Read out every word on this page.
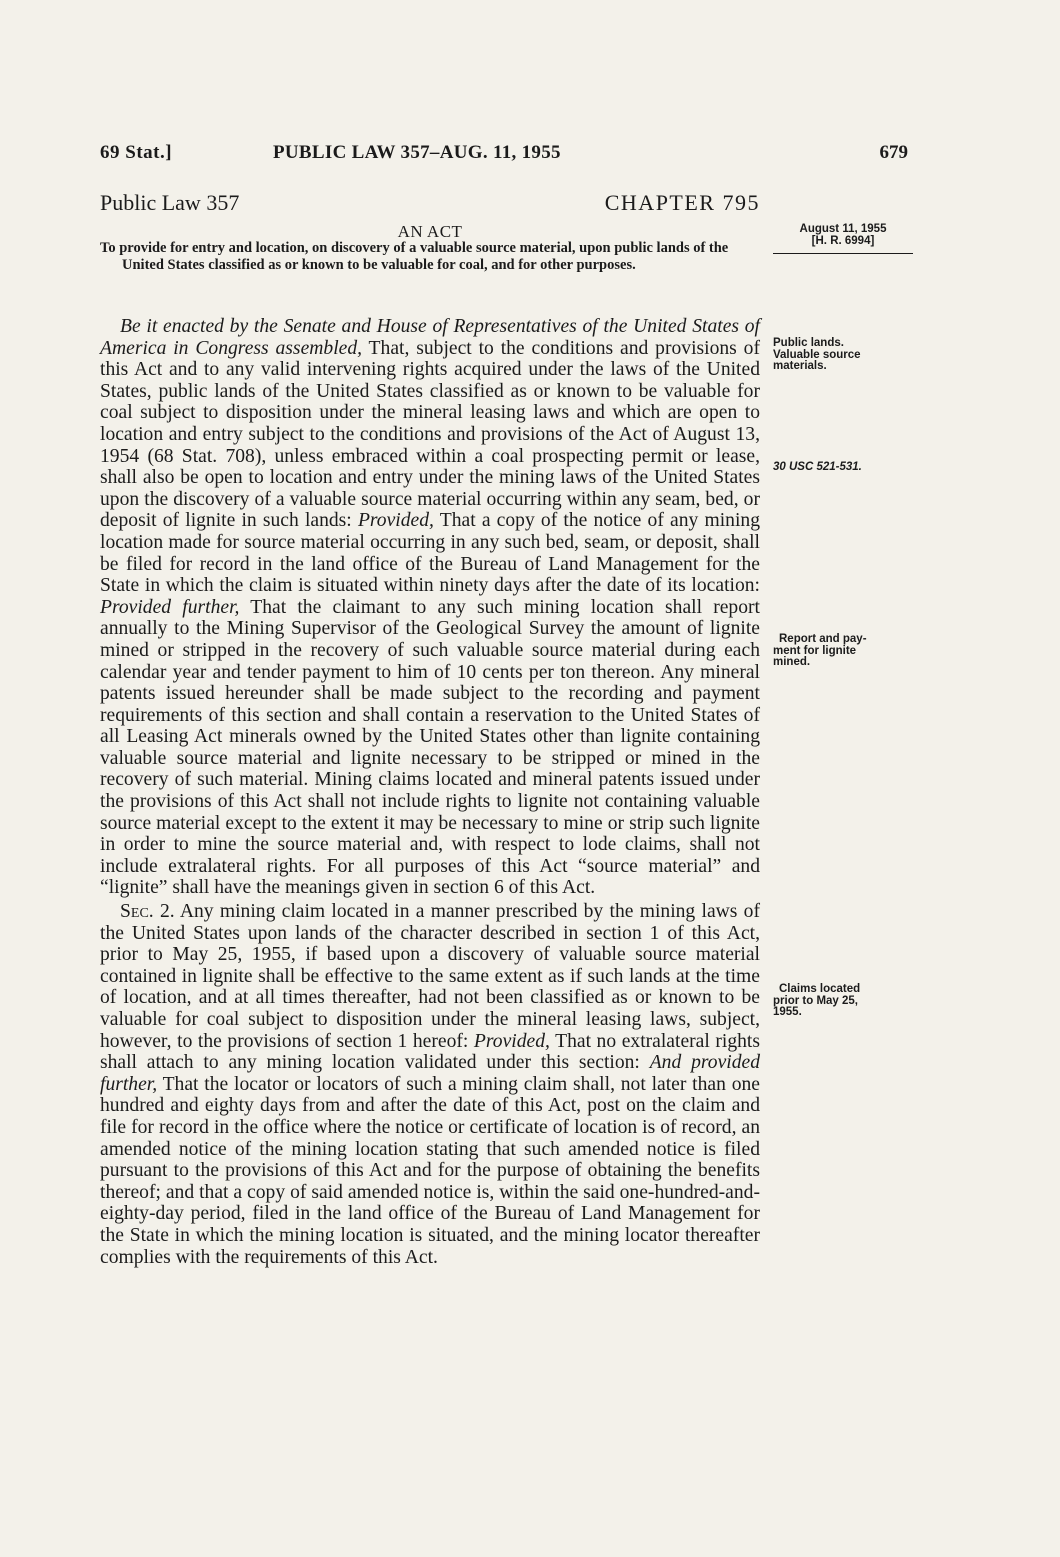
69 Stat.]	PUBLIC LAW 357–AUG. 11, 1955	679
Public Law 357	CHAPTER 795
AN ACT
To provide for entry and location, on discovery of a valuable source material, upon public lands of the United States classified as or known to be valuable for coal, and for other purposes.
August 11, 1955
[H. R. 6994]
Public lands.
Valuable source
materials.
30 USC 521-531.
Report and pay-
ment for lignite
mined.
Claims located
prior to May 25,
1955.

Be it enacted by the Senate and House of Representatives of the United States of America in Congress assembled, That, subject to the conditions and provisions of this Act and to any valid intervening rights acquired under the laws of the United States, public lands of the United States classified as or known to be valuable for coal subject to disposition under the mineral leasing laws and which are open to location and entry subject to the conditions and provisions of the Act of August 13, 1954 (68 Stat. 708), unless embraced within a coal prospecting permit or lease, shall also be open to location and entry under the mining laws of the United States upon the discovery of a valuable source material occurring within any seam, bed, or deposit of lignite in such lands: Provided, That a copy of the notice of any mining location made for source material occurring in any such bed, seam, or deposit, shall be filed for record in the land office of the Bureau of Land Management for the State in which the claim is situated within ninety days after the date of its location: Provided further, That the claimant to any such mining location shall report annually to the Mining Supervisor of the Geological Survey the amount of lignite mined or stripped in the recovery of such valuable source material during each calendar year and tender payment to him of 10 cents per ton thereon. Any mineral patents issued hereunder shall be made subject to the recording and payment requirements of this section and shall contain a reservation to the United States of all Leasing Act minerals owned by the United States other than lignite containing valuable source material and lignite necessary to be stripped or mined in the recovery of such material. Mining claims located and mineral patents issued under the provisions of this Act shall not include rights to lignite not containing valuable source material except to the extent it may be necessary to mine or strip such lignite in order to mine the source material and, with respect to lode claims, shall not include extralateral rights. For all purposes of this Act “source material” and “lignite” shall have the meanings given in section 6 of this Act.

Sec. 2. Any mining claim located in a manner prescribed by the mining laws of the United States upon lands of the character described in section 1 of this Act, prior to May 25, 1955, if based upon a discovery of valuable source material contained in lignite shall be effective to the same extent as if such lands at the time of location, and at all times thereafter, had not been classified as or known to be valuable for coal subject to disposition under the mineral leasing laws, subject, however, to the provisions of section 1 hereof: Provided, That no extralateral rights shall attach to any mining location validated under this section: And provided further, That the locator or locators of such a mining claim shall, not later than one hundred and eighty days from and after the date of this Act, post on the claim and file for record in the office where the notice or certificate of location is of record, an amended notice of the mining location stating that such amended notice is filed pursuant to the provisions of this Act and for the purpose of obtaining the benefits thereof; and that a copy of said amended notice is, within the said one-hundred-and-eighty-day period, filed in the land office of the Bureau of Land Management for the State in which the mining location is situated, and the mining locator thereafter complies with the requirements of this Act.
